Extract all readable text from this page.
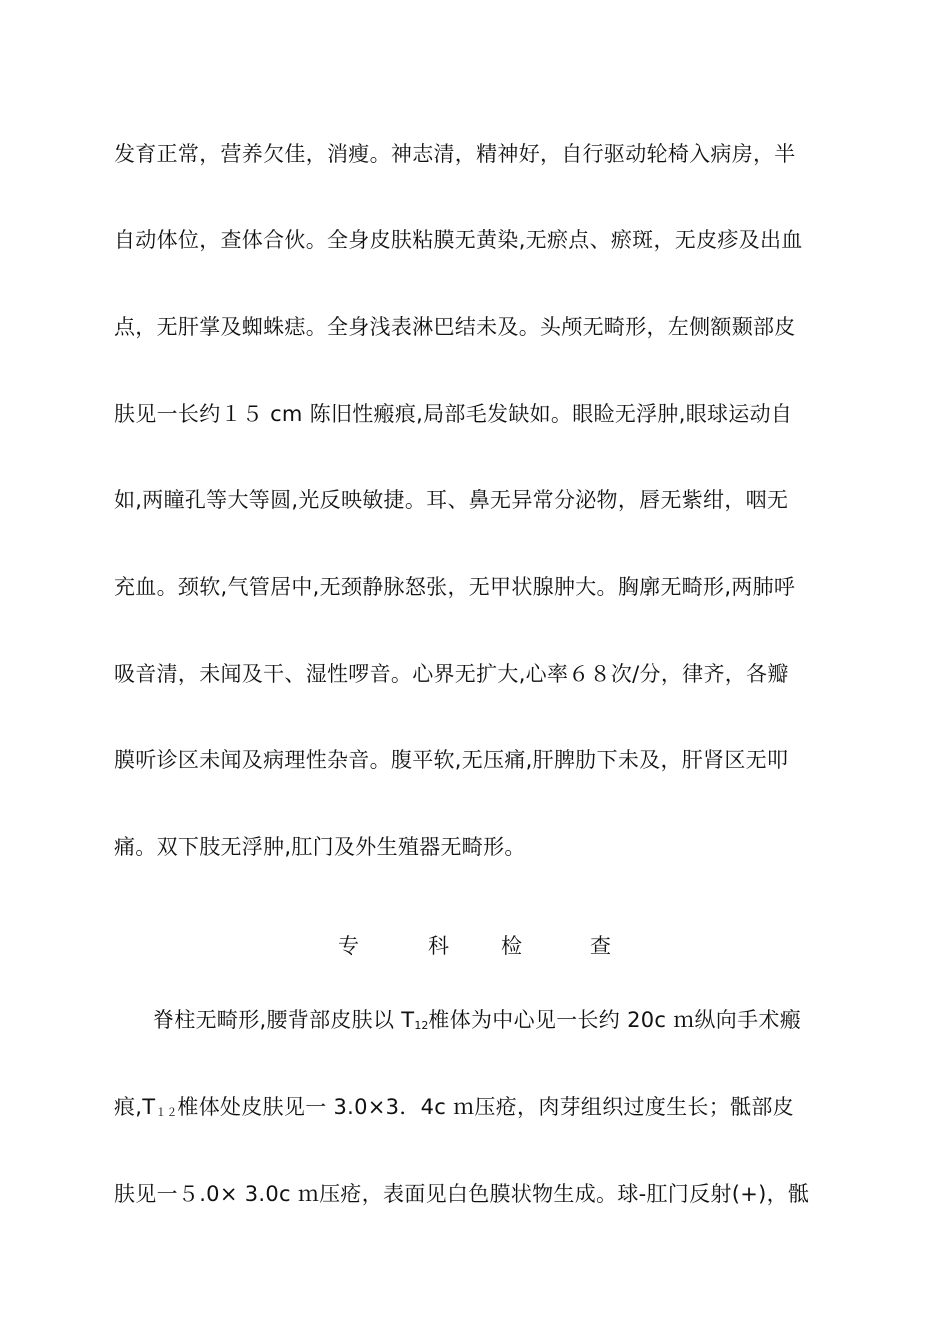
发育正常，营养欠佳，消瘦。神志清，精神好，自行驱动轮椅入病房，半
自动体位，查体合伙。全身皮肤粘膜无黄染,无瘀点、瘀斑，无皮疹及出血
点，无肝掌及蜘蛛痣。全身浅表淋巴结未及。头颅无畸形，左侧额颞部皮
肤见一长约１５ cm 陈旧性瘢痕,局部毛发缺如。眼睑无浮肿,眼球运动自
如,两瞳孔等大等圆,光反映敏捷。耳、鼻无异常分泌物，唇无紫绀，咽无
充血。颈软,气管居中,无颈静脉怒张，无甲状腺肿大。胸廓无畸形,两肺呼
吸音清，未闻及干、湿性啰音。心界无扩大,心率６８次/分，律齐，各瓣
膜听诊区未闻及病理性杂音。腹平软,无压痛,肝脾肋下未及，肝肾区无叩
痛。双下肢无浮肿,肛门及外生殖器无畸形。
专	科 检	查
脊柱无畸形,腰背部皮肤以 $T_{12}$椎体为中心见一长约 20c ｍ纵向手术瘢
痕$,T_{12}$椎体处皮肤见一 3.0×3．4c ｍ压疮，肉芽组织过度生长；骶部皮
肤见一５.0× 3.0c ｍ压疮，表面见白色膜状物生成。球-肛门反射(+)，骶
